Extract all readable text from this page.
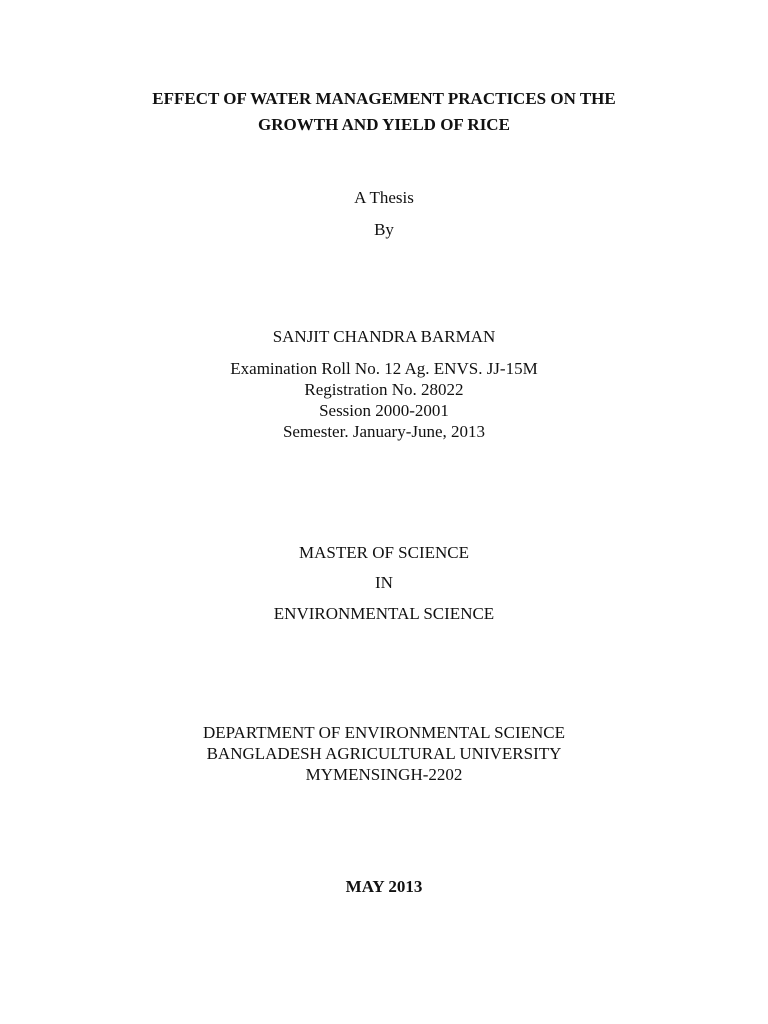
EFFECT OF WATER MANAGEMENT PRACTICES ON THE
GROWTH AND YIELD OF RICE
A Thesis
By
SANJIT CHANDRA BARMAN
Examination Roll No. 12 Ag. ENVS. JJ-15M
Registration No. 28022
Session 2000-2001
Semester. January-June, 2013
MASTER OF SCIENCE
IN
ENVIRONMENTAL SCIENCE
DEPARTMENT OF ENVIRONMENTAL SCIENCE
BANGLADESH AGRICULTURAL UNIVERSITY
MYMENSINGH-2202
MAY 2013
